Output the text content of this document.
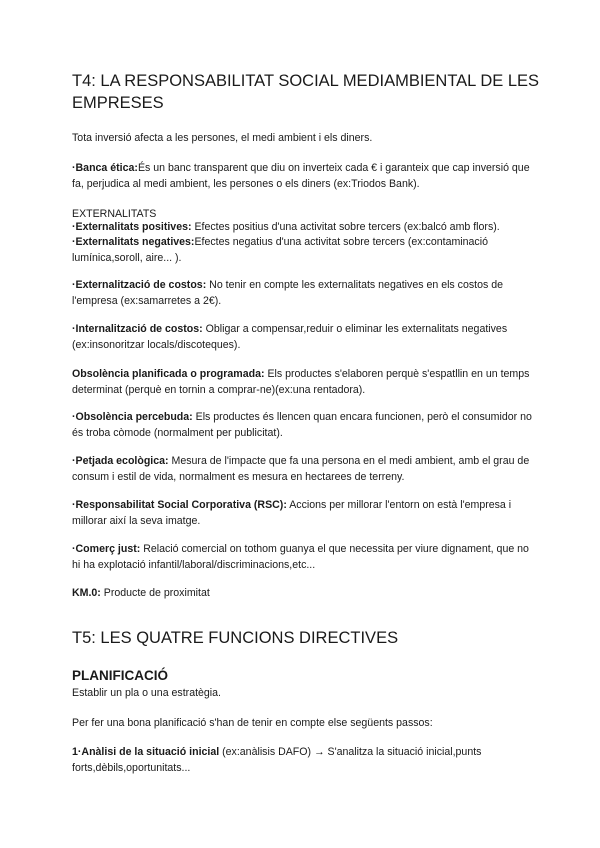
T4: LA RESPONSABILITAT SOCIAL MEDIAMBIENTAL DE LES EMPRESES

Tota inversió afecta a les persones, el medi ambient i els diners.

·Banca ética:És un banc transparent que diu on inverteix cada € i garanteix que cap inversió que fa, perjudica al medi ambient, les persones o els diners (ex:Triodos Bank).

EXTERNALITATS

·Externalitats positives: Efectes positius d'una activitat sobre tercers (ex:balcó amb flors).

·Externalitats negatives:Efectes negatius d'una activitat sobre tercers (ex:contaminació lumínica,soroll, aire... ).

·Externalització de costos: No tenir en compte les externalitats negatives en els costos de l'empresa (ex:samarretes a 2€).

·Internalització de costos: Obligar a compensar,reduir o eliminar les externalitats negatives (ex:insonoritzar locals/discoteques).

Obsolència planificada o programada: Els productes s'elaboren perquè s'espatllin en un temps determinat (perquè en tornin a comprar-ne)(ex:una rentadora).

·Obsolència percebuda: Els productes és llencen quan encara funcionen, però el consumidor no és troba còmode (normalment per publicitat).

·Petjada ecològica: Mesura de l'impacte que fa una persona en el medi ambient, amb el grau de consum i estil de vida, normalment es mesura en hectarees de terreny.

·Responsabilitat Social Corporativa (RSC): Accions per millorar l'entorn on està l'empresa i millorar així la seva imatge.

·Comerç just: Relació comercial on tothom guanya el que necessita per viure dignament, que no hi ha explotació infantil/laboral/discriminacions,etc...

KM.0: Producte de proximitat

T5: LES QUATRE FUNCIONS DIRECTIVES
PLANIFICACIÓ

Establir un pla o una estratègia.

Per fer una bona planificació s'han de tenir en compte else següents passos:

1·Anàlisi de la situació inicial (ex:anàlisis DAFO) → S'analitza la situació inicial,punts forts,dèbils,oportunitats...
